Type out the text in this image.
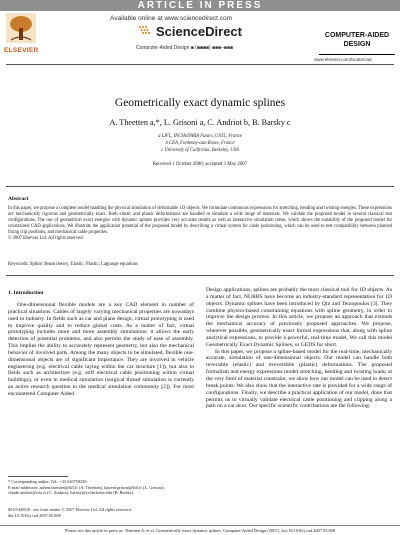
ARTICLE IN PRESS
ELSEVIER
Available online at www.sciencedirect.com
ScienceDirect
Computer-Aided Design ■ (■■■■) ■■■–■■■
COMPUTER-AIDED
DESIGN
www.elsevier.com/locate/cad
Geometrically exact dynamic splines
A. Theetten a,*, L. Grisoni a, C. Andriot b, B. Barsky c
a LIFL, INCIA/INRIA Futurs, USTL, France
b CEA, Fontenay-aux-Roses, France
c University of California, Berkeley, USA
Received 1 October 2006; accepted 3 May 2007
Abstract
In this paper, we propose a complete model handling the physical simulation of deformable 1D objects. We formulate continuous expressions for stretching, bending and twisting energies. These expressions are mechanically rigorous and geometrically exact. Both elastic and plastic deformations are handled to simulate a wide range of materials. We validate the proposed model in several classical test configurations. The use of geometrical exact energies with dynamic splines provides very accurate results as well as interactive simulation times, which shows the suitability of the proposed model for constrained CAD applications. We illustrate the application potential of the proposed model by describing a virtual system for cable positioning, which can be used to test compatibility between planned fixing clip positions, and mechanical cable properties.
© 2007 Elsevier Ltd. All rights reserved.
Keywords: Spline; Beam theory; Elastic; Plastic; Lagrange equations
1. Introduction

One-dimensional flexible models are a key CAD element in number of practical situations. Cables of largely varying mechanical properties are nowadays used in industry. In fields such as car and plane design, virtual prototyping is used to improve quality and to reduce global costs. As a matter of fact, virtual prototyping includes more and more assembly simulations: it allows the early detection of potential problems, and also permits the study of ease of assembly. This implies the ability to accurately represent geometry, but also the mechanical behavior of involved parts. Among the many objects to be simulated, flexible one-dimensional objects are of significant importance. They are involved in vehicle engineering (e.g. electrical cable laying within the car structure [1]), but also in fields such as architecture (e.g. stiff electrical cable positioning within virtual buildings), or even in medical simulation (surgical thread simulation is currently an active research question in the medical simulation community [2]). For most encountered Computer Aided

Design applications, splines are probably the most classical tool for 1D objects. As a matter of fact, NURBS have become an industry-standard representation for 1D objects. Dynamic splines have been introduced by Qin and Terzopoulos [3]. They combine physics-based constraining equations with spline geometry, in order to improve the design process. In this article, we propose an approach that extends the mechanical accuracy of previously proposed approaches. We propose, wherever possible, geometrically exact formal expressions that, along with spline analytical expressions, to provide a powerful, real-time model. We call this model Geometrically Exact Dynamic Splines, or GEDS for short.

In this paper, we propose a spline-based model for the real-time, mechanically accurate, simulation of one-dimensional objects. Our model can handle both reversible (elastic) and irreversible (plastic) deformations. The proposed formalism and energy expressions model stretching, bending and twisting loads; at the very limit of material constraint, we show how our model can be used to detect break points. We also show that the interactive rate is provided for a wide range of configurations. Finally, we describe a practical application of our model, done that permits us to virtually validate electrical cable positioning and clipping along a path on a car door. Our specific scientific contributions are the following:

* Corresponding author. Tel.: +33 620758250.
E-mail addresses: adrien.theetten@lifl.fr (A. Theetten), laurent.grisoni@lifl.fr (L. Grisoni), claude.andriot@cea.fr (C. Andriot), barsky@cs.berkeley.edu (B. Barsky).
0010-4485/$ - see front matter © 2007 Elsevier Ltd. All rights reserved.
doi:10.1016/j.cad.2007.05.008
Please cite this article in press as: Theetten A, et al. Geometrically exact dynamic splines. Computer-Aided Design (2007), doi:10.1016/j.cad.2007.05.008
